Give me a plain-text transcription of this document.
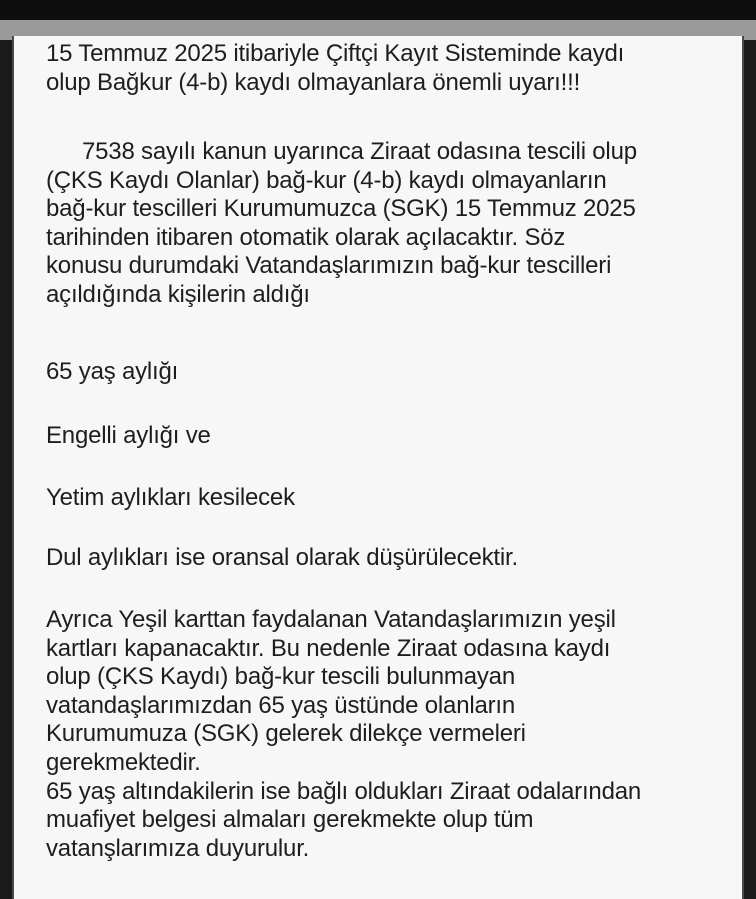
15 Temmuz 2025 itibariyle Çiftçi Kayıt Sisteminde kaydı
olup Bağkur (4-b) kaydı olmayanlara önemli uyarı!!!
7538 sayılı kanun uyarınca Ziraat odasına tescili olup
(ÇKS Kaydı Olanlar) bağ-kur (4-b) kaydı olmayanların
bağ-kur tescilleri Kurumumuzca (SGK) 15 Temmuz 2025
tarihinden itibaren otomatik olarak açılacaktır. Söz
konusu durumdaki Vatandaşlarımızın bağ-kur tescilleri
açıldığında kişilerin aldığı
65 yaş aylığı
Engelli aylığı ve
Yetim aylıkları kesilecek
Dul aylıkları ise oransal olarak düşürülecektir.
Ayrıca Yeşil karttan faydalanan Vatandaşlarımızın yeşil
kartları kapanacaktır. Bu nedenle Ziraat odasına kaydı
olup (ÇKS Kaydı) bağ-kur tescili bulunmayan
vatandaşlarımızdan 65 yaş üstünde olanların
Kurumumuza (SGK) gelerek dilekçe vermeleri
gerekmektedir.
65 yaş altındakilerin ise bağlı oldukları Ziraat odalarından
muafiyet belgesi almaları gerekmekte olup tüm
vatanşlarımıza duyurulur.
